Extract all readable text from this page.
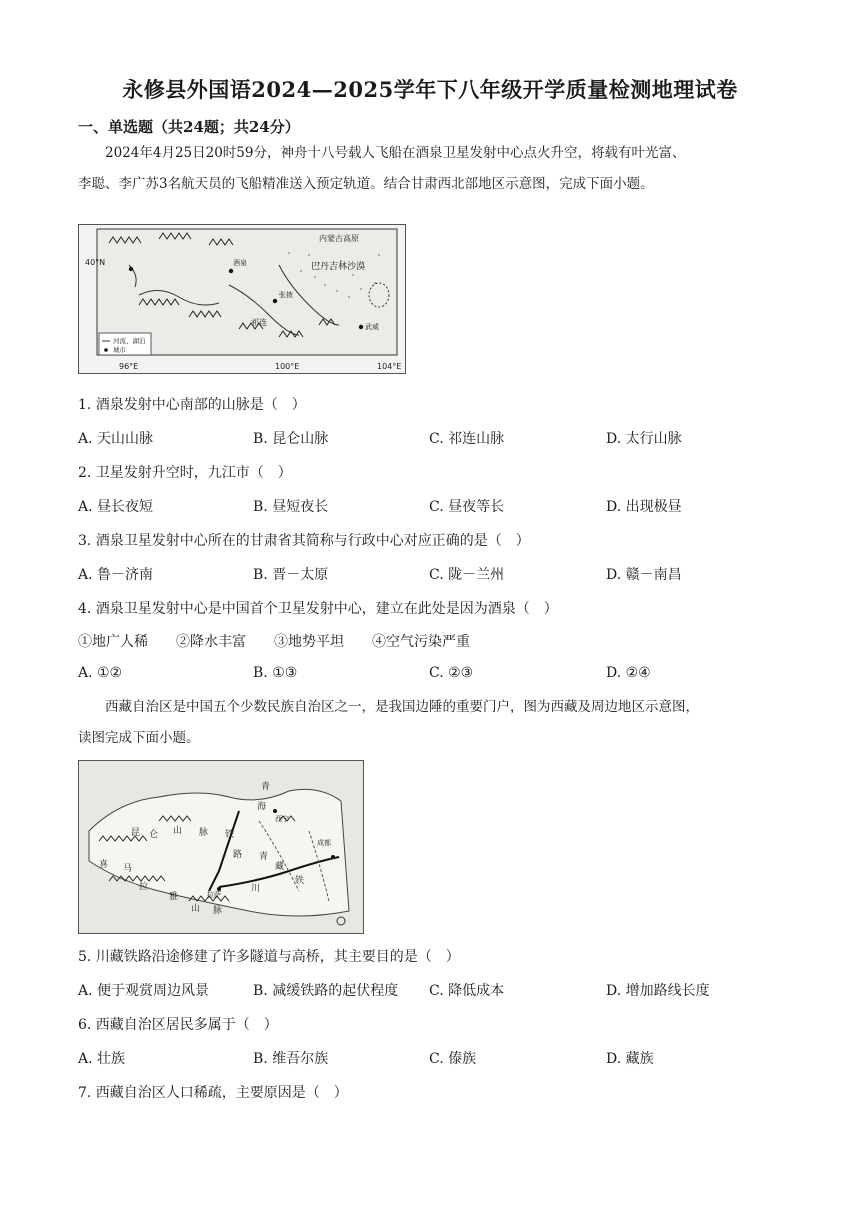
永修县外国语2024—2025学年下八年级开学质量检测地理试卷
一、单选题（共24题；共24分）
2024年4月25日20时59分，神舟十八号载人飞船在酒泉卫星发射中心点火升空，将载有叶光富、
李聪、李广苏3名航天员的飞船精准送入预定轨道。结合甘肃西北部地区示意图，完成下面小题。
40°N
96°E	100°E	104°E
内蒙古高原
巴丹吉林沙漠
酒泉
张掖
武威
祁连
河流、湖泊
城市
1. 酒泉发射中心南部的山脉是（　）
A. 天山山脉	B. 昆仑山脉	C. 祁连山脉	D. 太行山脉
2. 卫星发射升空时，九江市（　）
A. 昼长夜短	B. 昼短夜长	C. 昼夜等长	D. 出现极昼
3. 酒泉卫星发射中心所在的甘肃省其简称与行政中心对应正确的是（　）
A. 鲁－济南	B. 晋－太原	C. 陇－兰州	D. 赣－南昌
4. 酒泉卫星发射中心是中国首个卫星发射中心，建立在此处是因为酒泉（　）
①地广人稀　　②降水丰富　　③地势平坦　　④空气污染严重
A. ①②	B. ①③	C. ②③	D. ②④
西藏自治区是中国五个少数民族自治区之一，是我国边陲的重要门户，图为西藏及周边地区示意图，
读图完成下面小题。
青
海
西宁
昆 仑 山 脉 铁
路 青
藏
川
成都
喜 马
拉
雅
山 脉
拉萨
铁
5. 川藏铁路沿途修建了许多隧道与高桥，其主要目的是（　）
A. 便于观赏周边风景	B. 减缓铁路的起伏程度 C. 降低成本	D. 增加路线长度
6. 西藏自治区居民多属于（　）
A. 壮族	B. 维吾尔族	C. 傣族	D. 藏族
7. 西藏自治区人口稀疏，主要原因是（　）
